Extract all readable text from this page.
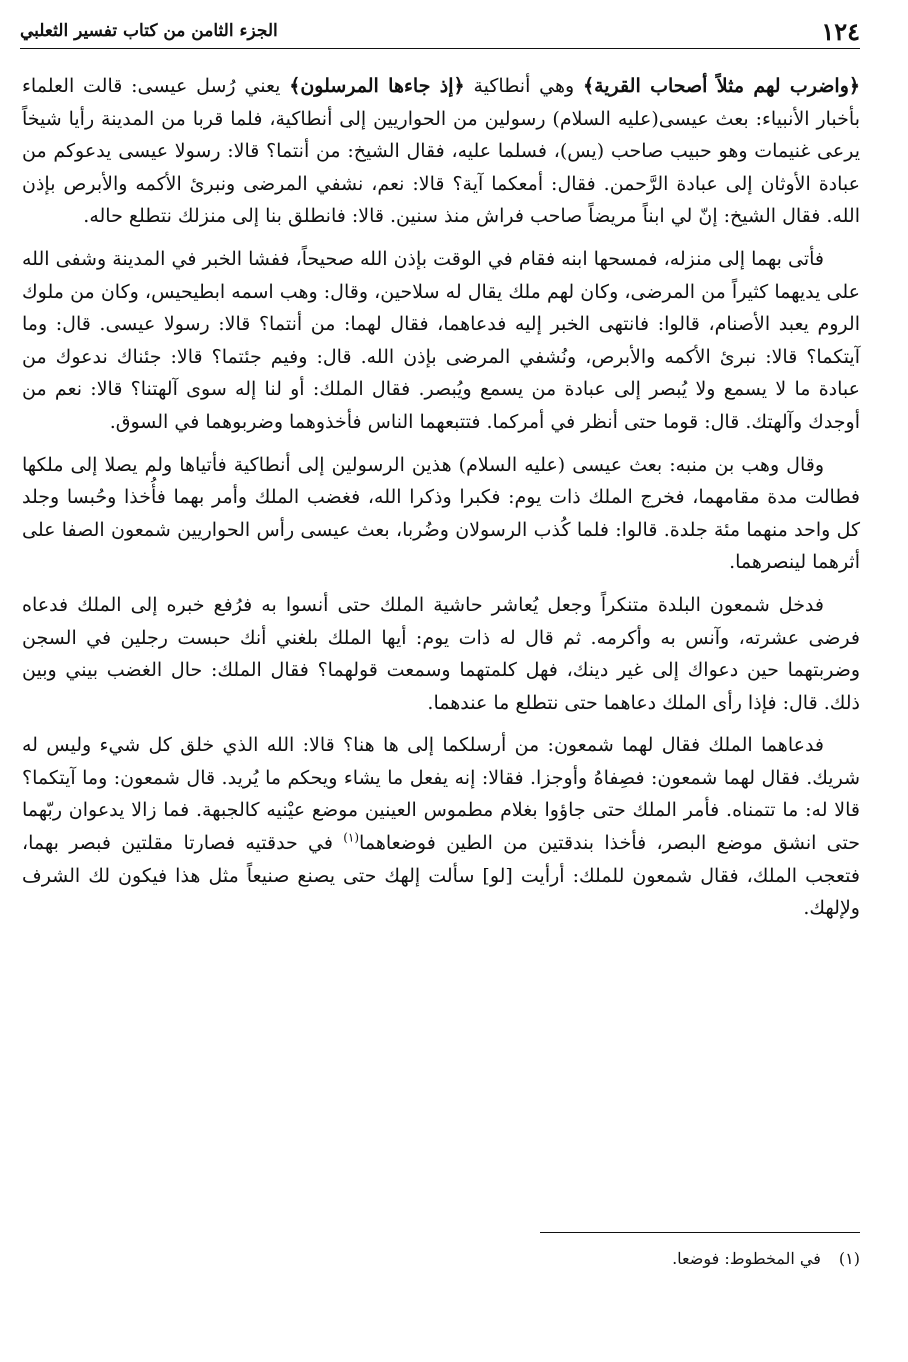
١٢٤
الجزء الثامن من كتاب تفسير الثعلبي

﴿واضرب لهم مثلاً أصحاب القرية﴾ وهي أنطاكية ﴿إذ جاءها المرسلون﴾ يعني رُسل عيسى: قالت العلماء بأخبار الأنبياء: بعث عيسى(عليه السلام) رسولين من الحواريين إلى أنطاكية، فلما قربا من المدينة رأيا شيخاً يرعى غنيمات وهو حبيب صاحب (يس)، فسلما عليه، فقال الشيخ: من أنتما؟ قالا: رسولا عيسى يدعوكم من عبادة الأوثان إلى عبادة الرَّحمن. فقال: أمعكما آية؟ قالا: نعم، نشفي المرضى ونبرئ الأكمه والأبرص بإذن الله. فقال الشيخ: إنّ لي ابناً مريضاً صاحب فراش منذ سنين. قالا: فانطلق بنا إلى منزلك نتطلع حاله.

فأتى بهما إلى منزله، فمسحها ابنه فقام في الوقت بإذن الله صحيحاً، ففشا الخبر في المدينة وشفى الله على يديهما كثيراً من المرضى، وكان لهم ملك يقال له سلاحين، وقال: وهب اسمه ابطيحيس، وكان من ملوك الروم يعبد الأصنام، قالوا: فانتهى الخبر إليه فدعاهما، فقال لهما: من أنتما؟ قالا: رسولا عيسى. قال: وما آيتكما؟ قالا: نبرئ الأكمه والأبرص، ونُشفي المرضى بإذن الله. قال: وفيم جئتما؟ قالا: جئناك ندعوك من عبادة ما لا يسمع ولا يُبصر إلى عبادة من يسمع ويُبصر. فقال الملك: أو لنا إله سوى آلهتنا؟ قالا: نعم من أوجدك وآلهتك. قال: قوما حتى أنظر في أمركما. فتتبعهما الناس فأخذوهما وضربوهما في السوق.

وقال وهب بن منبه: بعث عيسى (عليه السلام) هذين الرسولين إلى أنطاكية فأتياها ولم يصلا إلى ملكها فطالت مدة مقامهما، فخرج الملك ذات يوم: فكبرا وذكرا الله، فغضب الملك وأمر بهما فأُخذا وحُبسا وجلد كل واحد منهما مئة جلدة. قالوا: فلما كُذب الرسولان وضُربا، بعث عيسى رأس الحواريين شمعون الصفا على أثرهما لينصرهما.

فدخل شمعون البلدة متنكراً وجعل يُعاشر حاشية الملك حتى أنسوا به فرُفع خبره إلى الملك فدعاه فرضى عشرته، وآنس به وأكرمه. ثم قال له ذات يوم: أيها الملك بلغني أنك حبست رجلين في السجن وضربتهما حين دعواك إلى غير دينك، فهل كلمتهما وسمعت قولهما؟ فقال الملك: حال الغضب بيني وبين ذلك. قال: فإذا رأى الملك دعاهما حتى نتطلع ما عندهما.

فدعاهما الملك فقال لهما شمعون: من أرسلكما إلى ها هنا؟ قالا: الله الذي خلق كل شيء وليس له شريك. فقال لهما شمعون: فصِفاهُ وأوجزا. فقالا: إنه يفعل ما يشاء ويحكم ما يُريد. قال شمعون: وما آيتكما؟ قالا له: ما تتمناه. فأمر الملك حتى جاؤوا بغلام مطموس العينين موضع عيْنيه كالجبهة. فما زالا يدعوان ربّهما حتى انشق موضع البصر، فأخذا بندقتين من الطين فوضعاهما$^{(١)}$ في حدقتيه فصارتا مقلتين فبصر بهما، فتعجب الملك، فقال شمعون للملك: أرأيت [لو] سألت إلهك حتى يصنع صنيعاً مثل هذا فيكون لك الشرف ولإلهك.

(١)في المخطوط: فوضعا.
